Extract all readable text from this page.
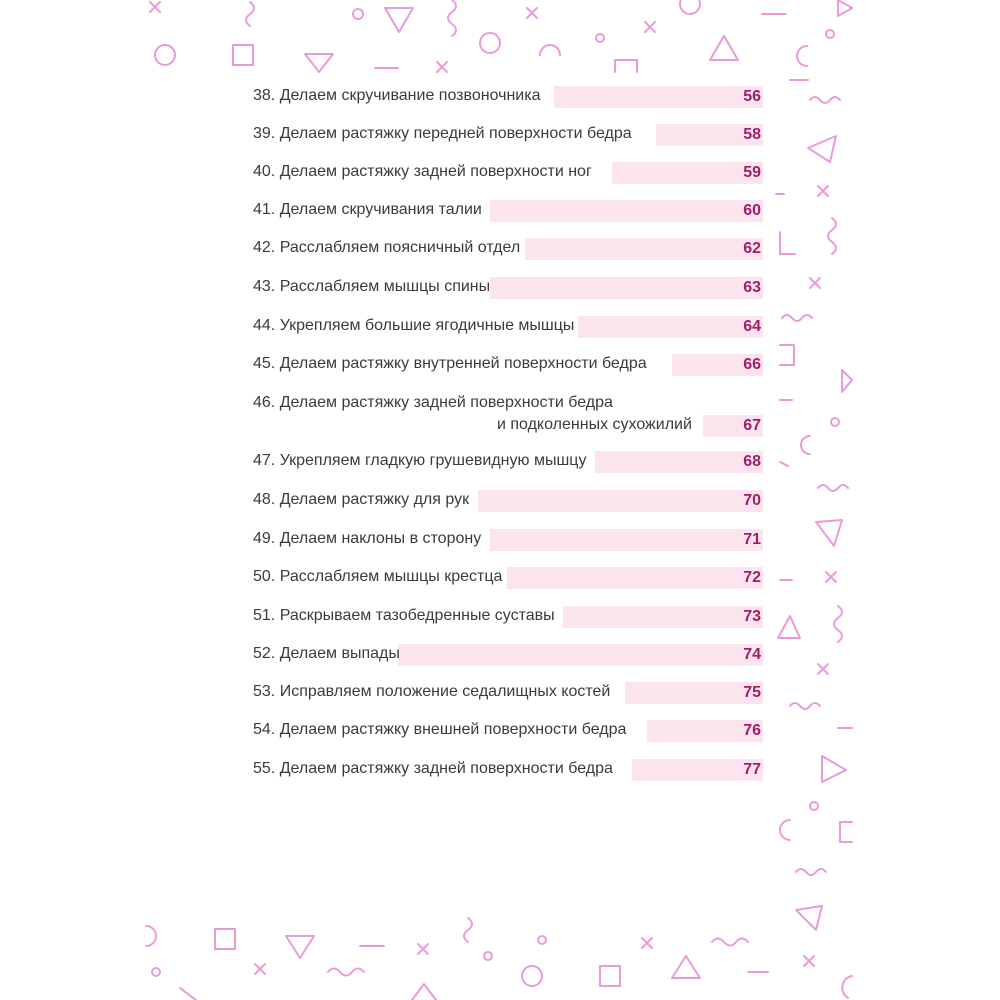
38. Делаем скручивание позвоночника	56
39. Делаем растяжку передней поверхности бедра	58
40. Делаем растяжку задней поверхности ног	59
41. Делаем скручивания талии	60
42. Расслабляем поясничный отдел	62
43. Расслабляем мышцы спины	63
44. Укрепляем большие ягодичные мышцы	64
45. Делаем растяжку внутренней поверхности бедра	66
46. Делаем растяжку задней поверхности бедра
и подколенных сухожилий	67
47. Укрепляем гладкую грушевидную мышцу	68
48. Делаем растяжку для рук	70
49. Делаем наклоны в сторону	71
50. Расслабляем мышцы крестца	72
51. Раскрываем тазобедренные суставы	73
52. Делаем выпады	74
53. Исправляем положение седалищных костей	75
54. Делаем растяжку внешней поверхности бедра	76
55. Делаем растяжку задней поверхности бедра	77
